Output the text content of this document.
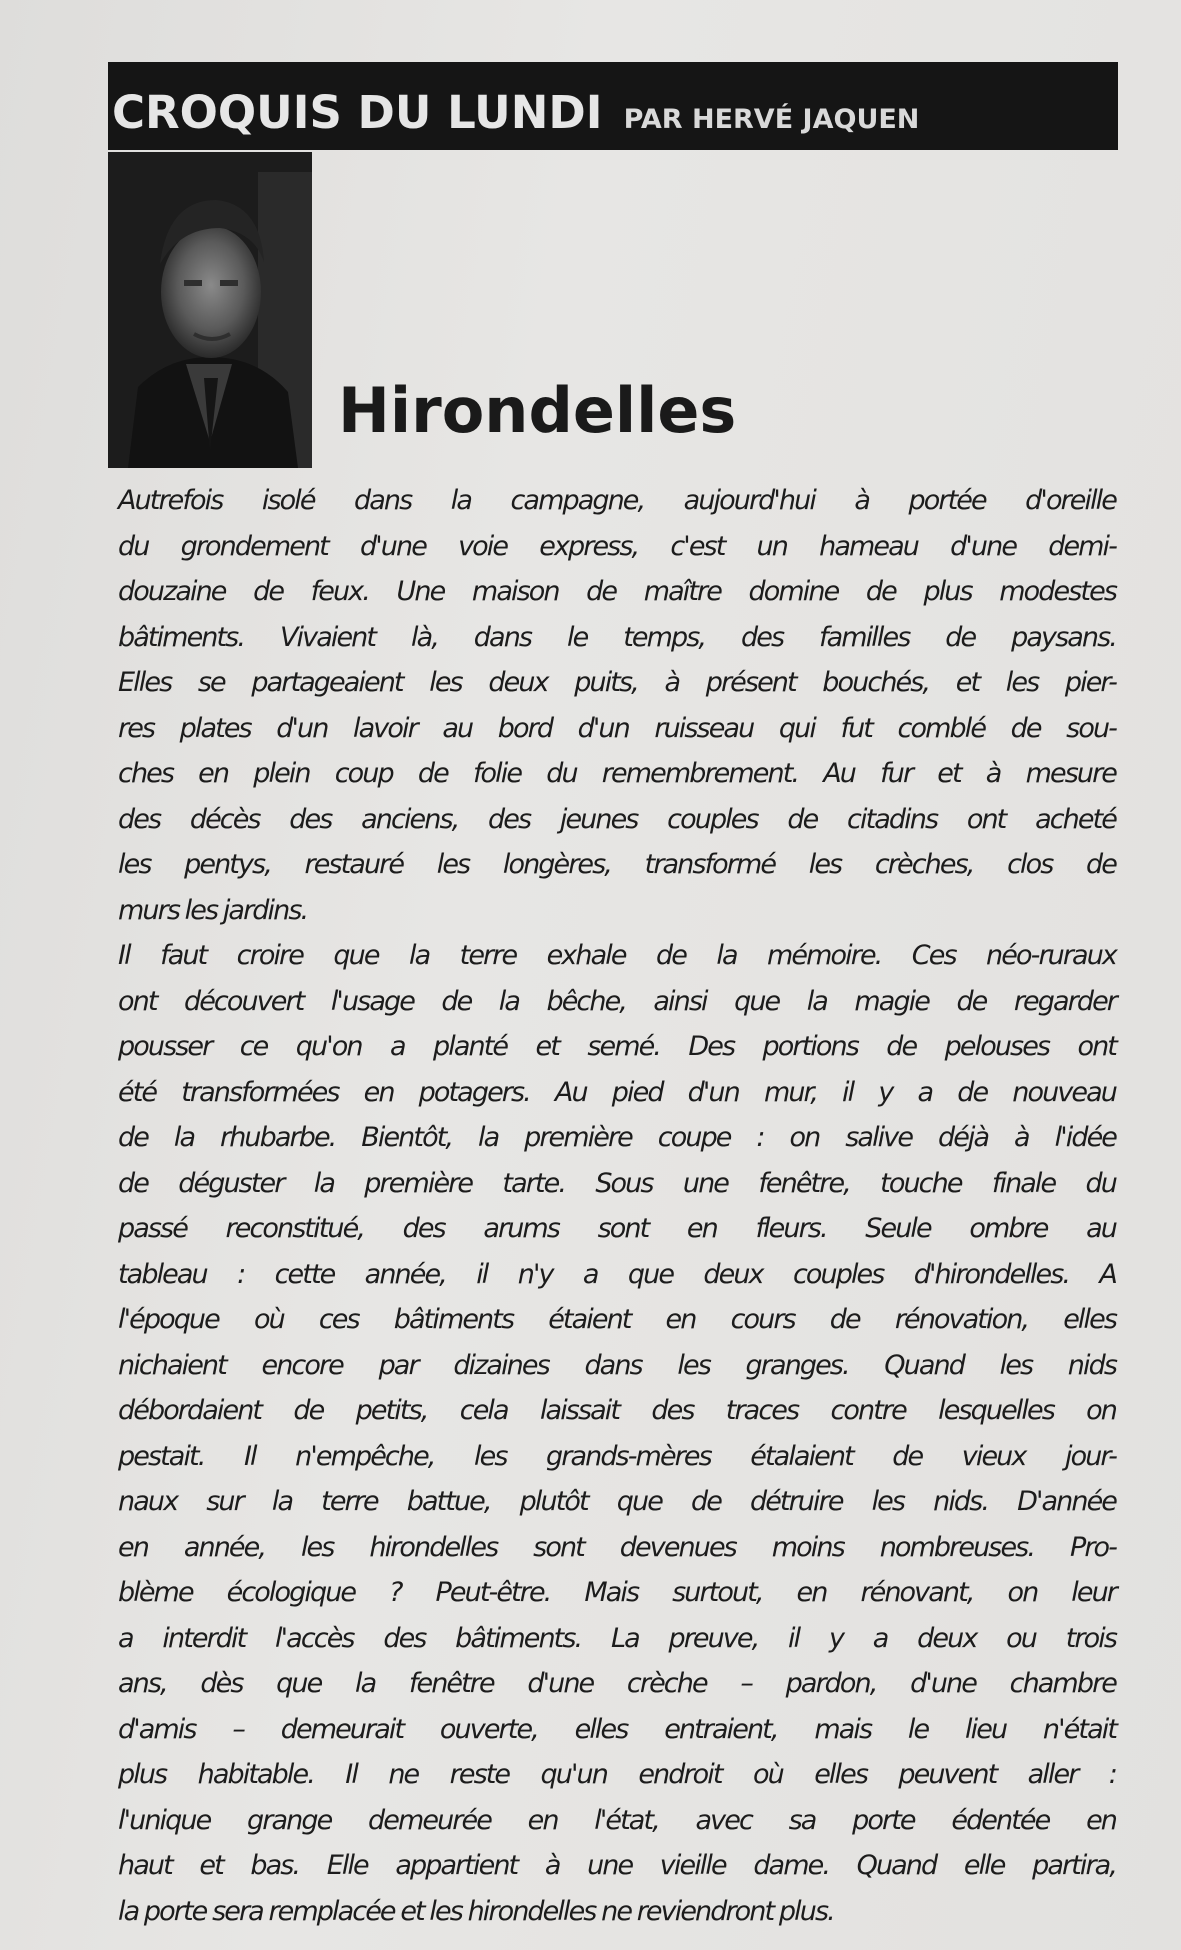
CROQUIS DU LUNDI PAR HERVÉ JAQUEN
Hirondelles
Autrefois isolé dans la campagne, aujourd'hui à portée d'oreille
du grondement d'une voie express, c'est un hameau d'une demi-
douzaine de feux. Une maison de maître domine de plus modestes
bâtiments. Vivaient là, dans le temps, des familles de paysans.
Elles se partageaient les deux puits, à présent bouchés, et les pier-
res plates d'un lavoir au bord d'un ruisseau qui fut comblé de sou-
ches en plein coup de folie du remembrement. Au fur et à mesure
des décès des anciens, des jeunes couples de citadins ont acheté
les pentys, restauré les longères, transformé les crèches, clos de
murs les jardins.
Il faut croire que la terre exhale de la mémoire. Ces néo-ruraux
ont découvert l'usage de la bêche, ainsi que la magie de regarder
pousser ce qu'on a planté et semé. Des portions de pelouses ont
été transformées en potagers. Au pied d'un mur, il y a de nouveau
de la rhubarbe. Bientôt, la première coupe : on salive déjà à l'idée
de déguster la première tarte. Sous une fenêtre, touche finale du
passé reconstitué, des arums sont en fleurs. Seule ombre au
tableau : cette année, il n'y a que deux couples d'hirondelles. A
l'époque où ces bâtiments étaient en cours de rénovation, elles
nichaient encore par dizaines dans les granges. Quand les nids
débordaient de petits, cela laissait des traces contre lesquelles on
pestait. Il n'empêche, les grands-mères étalaient de vieux jour-
naux sur la terre battue, plutôt que de détruire les nids. D'année
en année, les hirondelles sont devenues moins nombreuses. Pro-
blème écologique ? Peut-être. Mais surtout, en rénovant, on leur
a interdit l'accès des bâtiments. La preuve, il y a deux ou trois
ans, dès que la fenêtre d'une crèche – pardon, d'une chambre
d'amis – demeurait ouverte, elles entraient, mais le lieu n'était
plus habitable. Il ne reste qu'un endroit où elles peuvent aller :
l'unique grange demeurée en l'état, avec sa porte édentée en
haut et bas. Elle appartient à une vieille dame. Quand elle partira,
la porte sera remplacée et les hirondelles ne reviendront plus.
